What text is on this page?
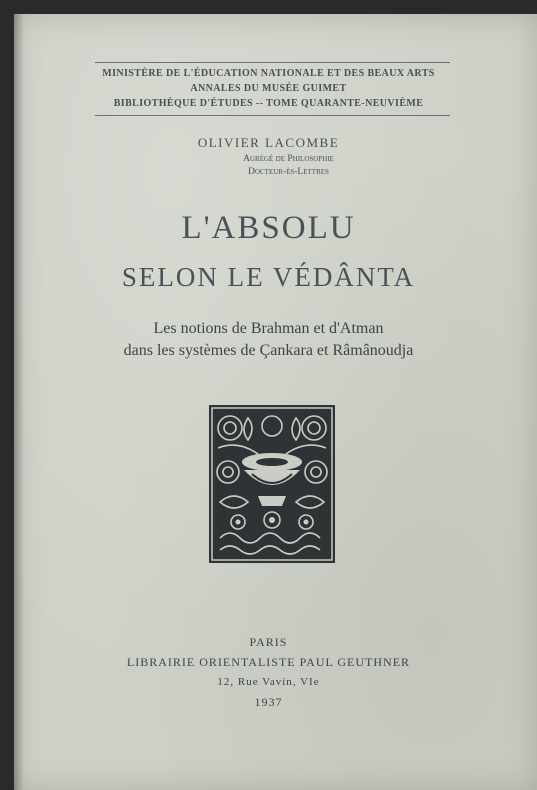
MINISTÈRE DE L'ÉDUCATION NATIONALE ET DES BEAUX ARTS
ANNALES DU MUSÉE GUIMET
BIBLIOTHÈQUE D'ÉTUDES -- TOME QUARANTE-NEUVIÈME
OLIVIER LACOMBE
Agrégé de Philosophie
Docteur-ès-Lettres
L'ABSOLU
SELON LE VÉDÂNTA
Les notions de Brahman et d'Atman
dans les systèmes de Çankara et Râmânoudja
PARIS
LIBRAIRIE ORIENTALISTE PAUL GEUTHNER
12, Rue Vavin, VIe
1937
